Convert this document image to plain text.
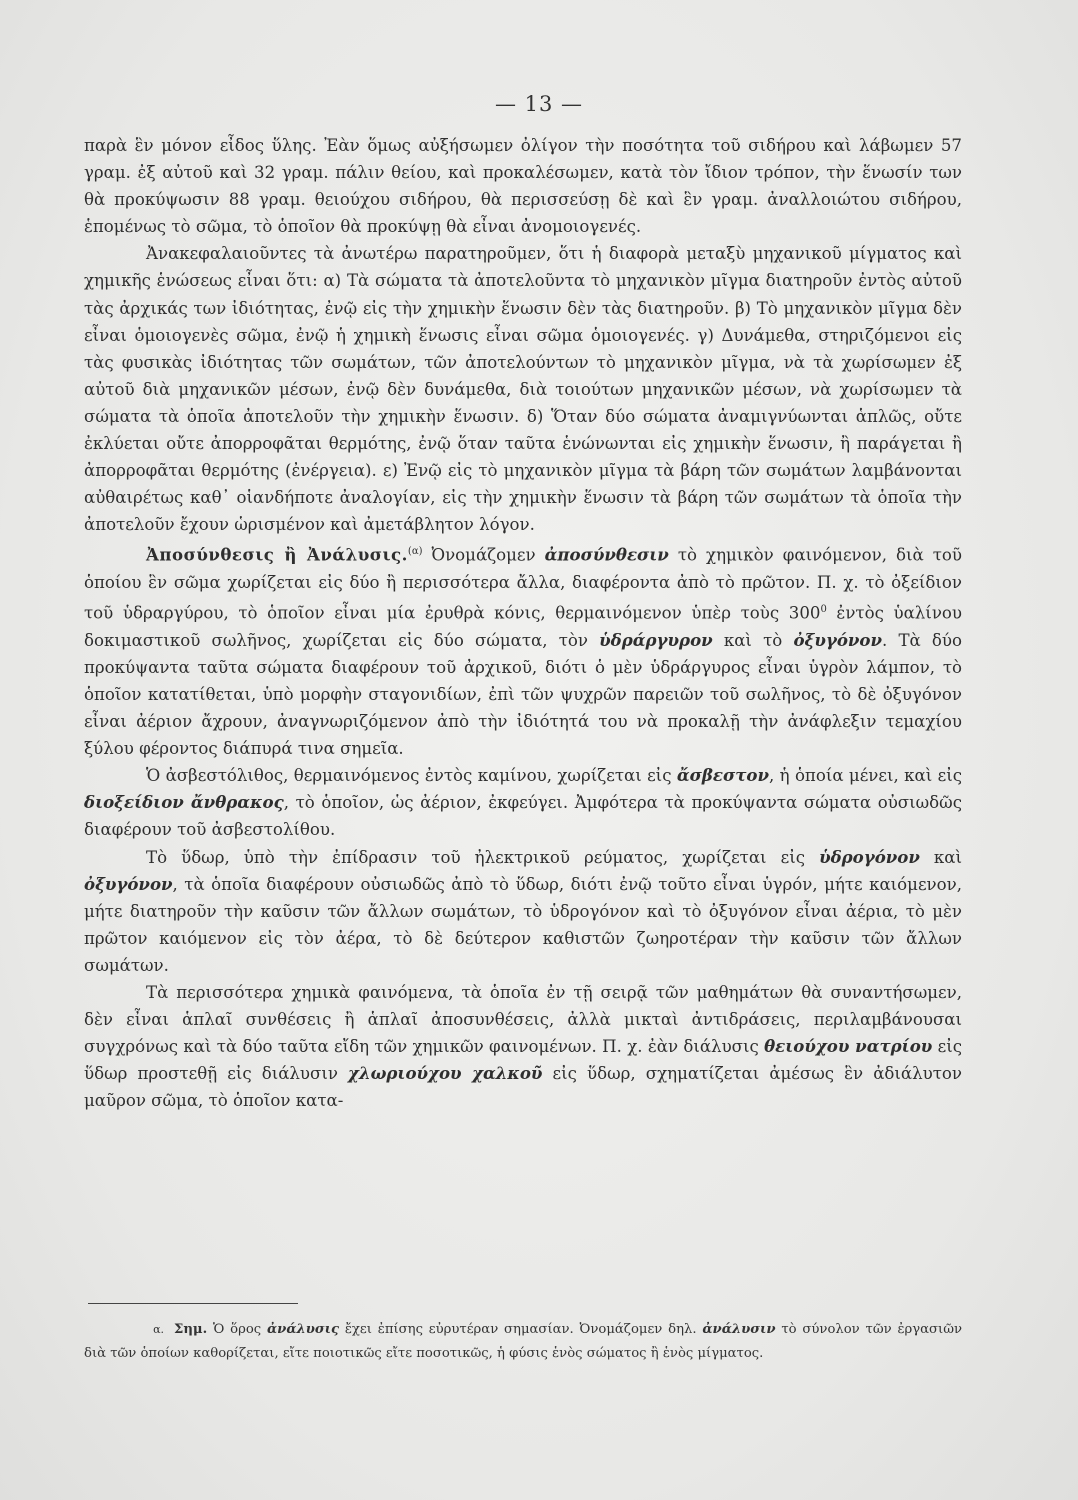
— 13 —

παρὰ ἓν μόνον εἶδος ὕλης. Ἐὰν ὅμως αὐξήσωμεν ὀλίγον τὴν ποσότητα τοῦ σιδήρου καὶ λάβωμεν 57 γραμ. ἐξ αὐτοῦ καὶ 32 γραμ. πάλιν θείου, καὶ προκαλέσωμεν, κατὰ τὸν ἴδιον τρόπον, τὴν ἕνωσίν των θὰ προκύψωσιν 88 γραμ. θειούχου σιδήρου, θὰ περισσεύσῃ δὲ καὶ ἓν γραμ. ἀναλλοιώτου σιδήρου, ἑπομένως τὸ σῶμα, τὸ ὁποῖον θὰ προκύψῃ θὰ εἶναι ἀνομοιογενές.

Ἀνακεφαλαιοῦντες τὰ ἀνωτέρω παρατηροῦμεν, ὅτι ἡ διαφορὰ μεταξὺ μηχανικοῦ μίγματος καὶ χημικῆς ἑνώσεως εἶναι ὅτι: α) Τὰ σώματα τὰ ἀποτελοῦντα τὸ μηχανικὸν μῖγμα διατηροῦν ἐντὸς αὐτοῦ τὰς ἀρχικάς των ἰδιότητας, ἐνῷ εἰς τὴν χημικὴν ἕνωσιν δὲν τὰς διατηροῦν. β) Τὸ μηχανικὸν μῖγμα δὲν εἶναι ὁμοιογενὲς σῶμα, ἐνῷ ἡ χημικὴ ἕνωσις εἶναι σῶμα ὁμοιογενές. γ) Δυνάμεθα, στηριζόμενοι εἰς τὰς φυσικὰς ἰδιότητας τῶν σωμάτων, τῶν ἀποτελούντων τὸ μηχανικὸν μῖγμα, νὰ τὰ χωρίσωμεν ἐξ αὐτοῦ διὰ μηχανικῶν μέσων, ἐνῷ δὲν δυνάμεθα, διὰ τοιούτων μηχανικῶν μέσων, νὰ χωρίσωμεν τὰ σώματα τὰ ὁποῖα ἀποτελοῦν τὴν χημικὴν ἕνωσιν. δ) Ὅταν δύο σώματα ἀναμιγνύωνται ἁπλῶς, οὔτε ἐκλύεται οὔτε ἀπορροφᾶται θερμότης, ἐνῷ ὅταν ταῦτα ἑνώνωνται εἰς χημικὴν ἕνωσιν, ἢ παράγεται ἢ ἀπορροφᾶται θερμότης (ἐνέργεια). ε) Ἐνῷ εἰς τὸ μηχανικὸν μῖγμα τὰ βάρη τῶν σωμάτων λαμβάνονται αὐθαιρέτως καθ᾽ οἱανδήποτε ἀναλογίαν, εἰς τὴν χημικὴν ἕνωσιν τὰ βάρη τῶν σωμάτων τὰ ὁποῖα τὴν ἀποτελοῦν ἔχουν ὡρισμένον καὶ ἀμετάβλητον λόγον.

Ἀποσύνθεσις ἢ Ἀνάλυσις.$^{(\alpha)}$ Ὀνομάζομεν ἀποσύνθεσιν τὸ χημικὸν φαινόμενον, διὰ τοῦ ὁποίου ἓν σῶμα χωρίζεται εἰς δύο ἢ περισσότερα ἄλλα, διαφέροντα ἀπὸ τὸ πρῶτον. Π. χ. τὸ ὀξείδιον τοῦ ὑδραργύρου, τὸ ὁποῖον εἶναι μία ἐρυθρὰ κόνις, θερμαινόμενον ὑπὲρ τοὺς $300^0$ ἐντὸς ὑαλίνου δοκιμαστικοῦ σωλῆνος, χωρίζεται εἰς δύο σώματα, τὸν ὑδράργυρον καὶ τὸ ὀξυγόνον. Τὰ δύο προκύψαντα ταῦτα σώματα διαφέρουν τοῦ ἀρχικοῦ, διότι ὁ μὲν ὑδράργυρος εἶναι ὑγρὸν λάμπον, τὸ ὁποῖον κατατίθεται, ὑπὸ μορφὴν σταγονιδίων, ἐπὶ τῶν ψυχρῶν παρειῶν τοῦ σωλῆνος, τὸ δὲ ὀξυγόνον εἶναι ἀέριον ἄχρουν, ἀναγνωριζόμενον ἀπὸ τὴν ἰδιότητά του νὰ προκαλῇ τὴν ἀνάφλεξιν τεμαχίου ξύλου φέροντος διάπυρά τινα σημεῖα.

Ὁ ἀσβεστόλιθος, θερμαινόμενος ἐντὸς καμίνου, χωρίζεται εἰς ἄσβεστον, ἡ ὁποία μένει, καὶ εἰς διοξείδιον ἄνθρακος, τὸ ὁποῖον, ὡς ἀέριον, ἐκφεύγει. Ἀμφότερα τὰ προκύψαντα σώματα οὐσιωδῶς διαφέρουν τοῦ ἀσβεστολίθου.

Τὸ ὕδωρ, ὑπὸ τὴν ἐπίδρασιν τοῦ ἠλεκτρικοῦ ρεύματος, χωρίζεται εἰς ὑδρογόνον καὶ ὀξυγόνον, τὰ ὁποῖα διαφέρουν οὐσιωδῶς ἀπὸ τὸ ὕδωρ, διότι ἐνῷ τοῦτο εἶναι ὑγρόν, μήτε καιόμενον, μήτε διατηροῦν τὴν καῦσιν τῶν ἄλλων σωμάτων, τὸ ὑδρογόνον καὶ τὸ ὀξυγόνον εἶναι ἀέρια, τὸ μὲν πρῶτον καιόμενον εἰς τὸν ἀέρα, τὸ δὲ δεύτερον καθιστῶν ζωηροτέραν τὴν καῦσιν τῶν ἄλλων σωμάτων.

Τὰ περισσότερα χημικὰ φαινόμενα, τὰ ὁποῖα ἐν τῇ σειρᾷ τῶν μαθημάτων θὰ συναντήσωμεν, δὲν εἶναι ἁπλαῖ συνθέσεις ἢ ἁπλαῖ ἀποσυνθέσεις, ἀλλὰ μικταὶ ἀντιδράσεις, περιλαμβάνουσαι συγχρόνως καὶ τὰ δύο ταῦτα εἴδη τῶν χημικῶν φαινομένων. Π. χ. ἐὰν διάλυσις θειούχου νατρίου εἰς ὕδωρ προστεθῇ εἰς διάλυσιν χλωριούχου χαλκοῦ εἰς ὕδωρ, σχηματίζεται ἀμέσως ἓν ἀδιάλυτον μαῦρον σῶμα, τὸ ὁποῖον κατα-

α. Σημ. Ὁ ὅρος ἀνάλυσις ἔχει ἐπίσης εὐρυτέραν σημασίαν. Ὀνομάζομεν δηλ. ἀνάλυσιν τὸ σύνολον τῶν ἐργασιῶν διὰ τῶν ὁποίων καθορίζεται, εἴτε ποιοτικῶς εἴτε ποσοτικῶς, ἡ φύσις ἑνὸς σώματος ἢ ἑνὸς μίγματος.
